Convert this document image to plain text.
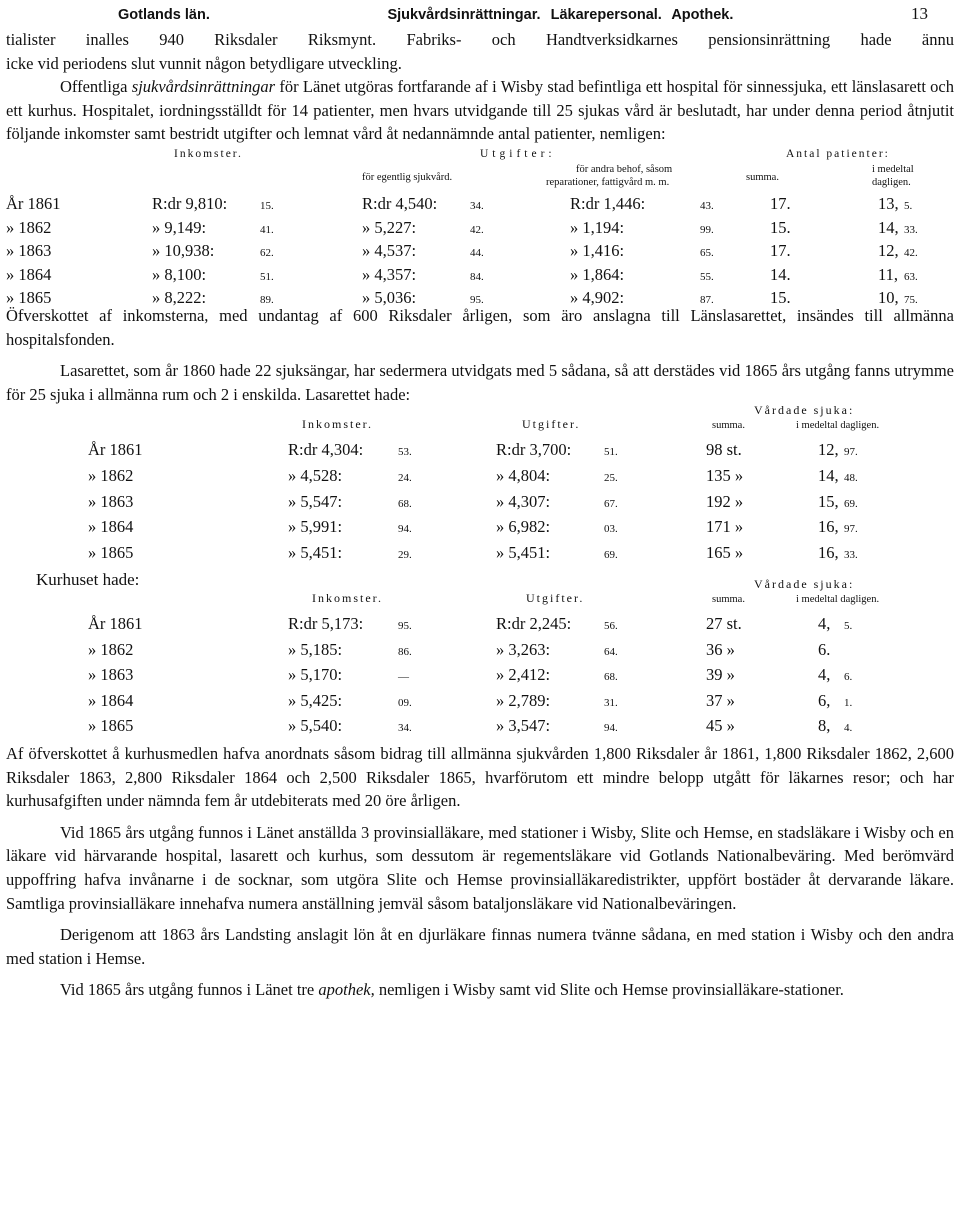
Gotlands län.	Sjukvårdsinrättningar. Läkarepersonal. Apothek.	13
tialister inalles 940 Riksdaler Riksmynt. Fabriks- och Handtverksidkarnes pensionsinrättning hade ännu
icke vid periodens slut vunnit någon betydligare utveckling.

Offentliga sjukvårdsinrättningar för Länet utgöras fortfarande af i Wisby stad befintliga ett hospital för sinnessjuka, ett länslasarett och ett kurhus. Hospitalet, iordningsställdt för 14 patienter, men hvars utvidgande till 25 sjukas vård är beslutadt, har under denna period åtnjutit följande inkomster samt bestridt utgifter och lemnat vård åt nedannämnde antal patienter, nemligen:

Inkomster.	Utgifter:	Antal patienter:
för egentlig sjukvård.
för andra behof, såsom
reparationer, fattigvård m. m.	summa.
i medeltal
dagligen.
År 1861	R:dr 9,810:	15.	R:dr 4,540:	34.	R:dr 1,446:	43.	17.	13, 5.
» 1862	» 9,149:	41.	» 5,227:	42.	» 1,194:	99.	15.	14, 33.
» 1863	» 10,938:	62.	» 4,537:	44.	» 1,416:	65.	17.	12, 42.
» 1864	» 8,100:	51.	» 4,357:	84.	» 1,864:	55.	14.	11, 63.
» 1865	» 8,222:	89.	» 5,036:	95.	» 4,902:	87.	15.	10, 75.

Öfverskottet af inkomsterna, med undantag af 600 Riksdaler årligen, som äro anslagna till Länslasarettet, insändes till allmänna hospitalsfonden.

Lasarettet, som år 1860 hade 22 sjuksängar, har sedermera utvidgats med 5 sådana, så att derstädes vid 1865 års utgång fanns utrymme för 25 sjuka i allmänna rum och 2 i enskilda. Lasarettet hade:

Inkomster.	Utgifter.
Vårdade sjuka:
summa.	i medeltal dagligen.
År 1861	R:dr 4,304:	53.	R:dr 3,700:	51.	98 st.	12, 97.
» 1862	» 4,528:	24.	» 4,804:	25.	135 »	14, 48.
» 1863	» 5,547:	68.	» 4,307:	67.	192 »	15, 69.
» 1864	» 5,991:	94.	» 6,982:	03.	171 »	16, 97.
» 1865	» 5,451:	29.	» 5,451:	69.	165 »	16, 33.
Kurhuset hade:
Inkomster.	Utgifter.
Vårdade sjuka:
summa.	i medeltal dagligen.
År 1861	R:dr 5,173:	95.	R:dr 2,245:	56.	27 st.	4, 5.
» 1862	» 5,185:	86.	» 3,263:	64.	36 »	6.
» 1863	» 5,170:	—	» 2,412:	68.	39 »	4, 6.
» 1864	» 5,425:	09.	» 2,789:	31.	37 »	6, 1.
» 1865	» 5,540:	34.	» 3,547:	94.	45 »	8, 4.

Af öfverskottet å kurhusmedlen hafva anordnats såsom bidrag till allmänna sjukvården 1,800 Riksdaler år 1861, 1,800 Riksdaler 1862, 2,600 Riksdaler 1863, 2,800 Riksdaler 1864 och 2,500 Riksdaler 1865, hvarförutom ett mindre belopp utgått för läkarnes resor; och har kurhusafgiften under nämnda fem år utdebiterats med 20 öre årligen.

Vid 1865 års utgång funnos i Länet anställda 3 provinsialläkare, med stationer i Wisby, Slite och Hemse, en stadsläkare i Wisby och en läkare vid härvarande hospital, lasarett och kurhus, som dessutom är regementsläkare vid Gotlands Nationalbeväring. Med berömvärd uppoffring hafva invånarne i de socknar, som utgöra Slite och Hemse provinsialläkaredistrikter, uppfört bostäder åt dervarande läkare. Samtliga provinsialläkare innehafva numera anställning jemväl såsom bataljonsläkare vid Nationalbeväringen.

Derigenom att 1863 års Landsting anslagit lön åt en djurläkare finnas numera tvänne sådana, en med station i Wisby och den andra med station i Hemse.

Vid 1865 års utgång funnos i Länet tre apothek, nemligen i Wisby samt vid Slite och Hemse provinsialläkare-stationer.
